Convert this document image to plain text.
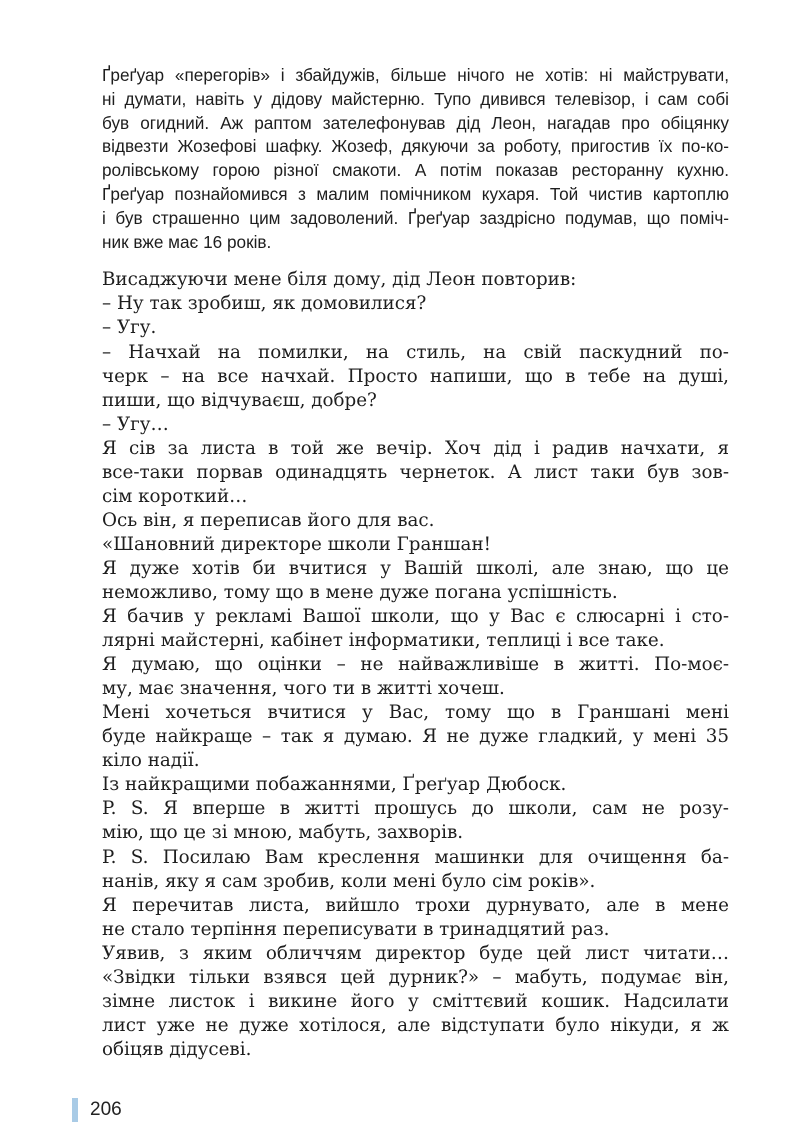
Ґреґуар «перегорів» і збайдужів, більше нічого не хотів: ні майструвати,
ні думати, навіть у дідову майстерню. Тупо дивився телевізор, і сам собі
був огидний. Аж раптом зателефонував дід Леон, нагадав про обіцянку
відвезти Жозефові шафку. Жозеф, дякуючи за роботу, пригостив їх по-ко-
ролівському горою різної смакоти. А потім показав ресторанну кухню.
Ґреґуар познайомився з малим помічником кухаря. Той чистив картоплю
і був страшенно цим задоволений. Ґреґуар заздрісно подумав, що поміч-
ник вже має 16 років.

Висаджуючи мене біля дому, дід Леон повторив:

– Ну так зробиш, як домовилися?

– Угу.

– Начхай на помилки, на стиль, на свій паскудний по-
черк – на все начхай. Просто напиши, що в тебе на душі,
пиши, що відчуваєш, добре?

– Угу…

Я сів за листа в той же вечір. Хоч дід і радив начхати, я
все-таки порвав одинадцять чернеток. А лист таки був зов-
сім короткий…

Ось він, я переписав його для вас.

«Шановний директоре школи Граншан!

Я дуже хотів би вчитися у Вашій школі, але знаю, що це
неможливо, тому що в мене дуже погана успішність.

Я бачив у рекламі Вашої школи, що у Вас є слюсарні і сто-
лярні майстерні, кабінет інформатики, теплиці і все таке.

Я думаю, що оцінки – не найважливіше в житті. По-моє-
му, має значення, чого ти в житті хочеш.

Мені хочеться вчитися у Вас, тому що в Граншані мені
буде найкраще – так я думаю. Я не дуже гладкий, у мені 35
кіло надії.

Із найкращими побажаннями, Ґреґуар Дюбоск.

P. S. Я вперше в житті прошусь до школи, сам не розу-
мію, що це зі мною, мабуть, захворів.

P. S. Посилаю Вам креслення машинки для очищення ба-
нанів, яку я сам зробив, коли мені було сім років».

Я перечитав листа, вийшло трохи дурнувато, але в мене
не стало терпіння переписувати в тринадцятий раз.

Уявив, з яким обличчям директор буде цей лист читати…
«Звідки тільки взявся цей дурник?» – мабуть, подумає він,
зімне листок і викине його у сміттєвий кошик. Надсилати
лист уже не дуже хотілося, але відступати було нікуди, я ж
обіцяв дідусеві.

206
